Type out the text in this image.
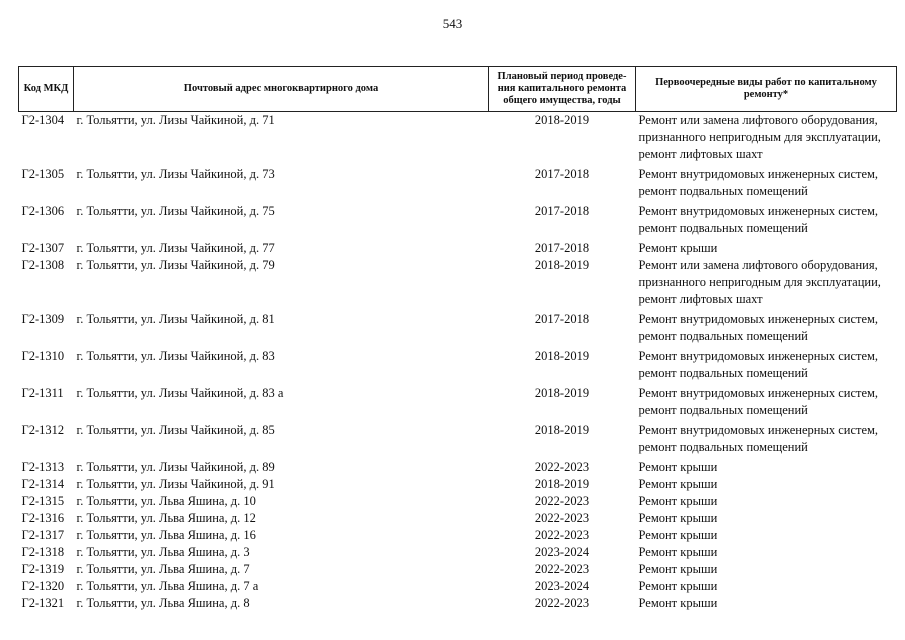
543
Код МКД	Почтовый адрес многоквартирного дома	Плановый период проведе-ния капитального ремонта общего имущества, годы	Первоочередные виды работ по капитальному ремонту*
Г2-1304	г. Тольятти, ул. Лизы Чайкиной, д. 71	2018-2019	Ремонт или замена лифтового оборудования, признанного непригодным для эксплуатации, ремонт лифтовых шахт
Г2-1305	г. Тольятти, ул. Лизы Чайкиной, д. 73	2017-2018	Ремонт внутридомовых инженерных систем, ремонт подвальных помещений
Г2-1306	г. Тольятти, ул. Лизы Чайкиной, д. 75	2017-2018	Ремонт внутридомовых инженерных систем, ремонт подвальных помещений
Г2-1307	г. Тольятти, ул. Лизы Чайкиной, д. 77	2017-2018	Ремонт крыши
Г2-1308	г. Тольятти, ул. Лизы Чайкиной, д. 79	2018-2019	Ремонт или замена лифтового оборудования, признанного непригодным для эксплуатации, ремонт лифтовых шахт
Г2-1309	г. Тольятти, ул. Лизы Чайкиной, д. 81	2017-2018	Ремонт внутридомовых инженерных систем, ремонт подвальных помещений
Г2-1310	г. Тольятти, ул. Лизы Чайкиной, д. 83	2018-2019	Ремонт внутридомовых инженерных систем, ремонт подвальных помещений
Г2-1311	г. Тольятти, ул. Лизы Чайкиной, д. 83 а	2018-2019	Ремонт внутридомовых инженерных систем, ремонт подвальных помещений
Г2-1312	г. Тольятти, ул. Лизы Чайкиной, д. 85	2018-2019	Ремонт внутридомовых инженерных систем, ремонт подвальных помещений
Г2-1313	г. Тольятти, ул. Лизы Чайкиной, д. 89	2022-2023	Ремонт крыши
Г2-1314	г. Тольятти, ул. Лизы Чайкиной, д. 91	2018-2019	Ремонт крыши
Г2-1315	г. Тольятти, ул. Льва Яшина, д. 10	2022-2023	Ремонт крыши
Г2-1316	г. Тольятти, ул. Льва Яшина, д. 12	2022-2023	Ремонт крыши
Г2-1317	г. Тольятти, ул. Льва Яшина, д. 16	2022-2023	Ремонт крыши
Г2-1318	г. Тольятти, ул. Льва Яшина, д. 3	2023-2024	Ремонт крыши
Г2-1319	г. Тольятти, ул. Льва Яшина, д. 7	2022-2023	Ремонт крыши
Г2-1320	г. Тольятти, ул. Льва Яшина, д. 7 а	2023-2024	Ремонт крыши
Г2-1321	г. Тольятти, ул. Льва Яшина, д. 8	2022-2023	Ремонт крыши
